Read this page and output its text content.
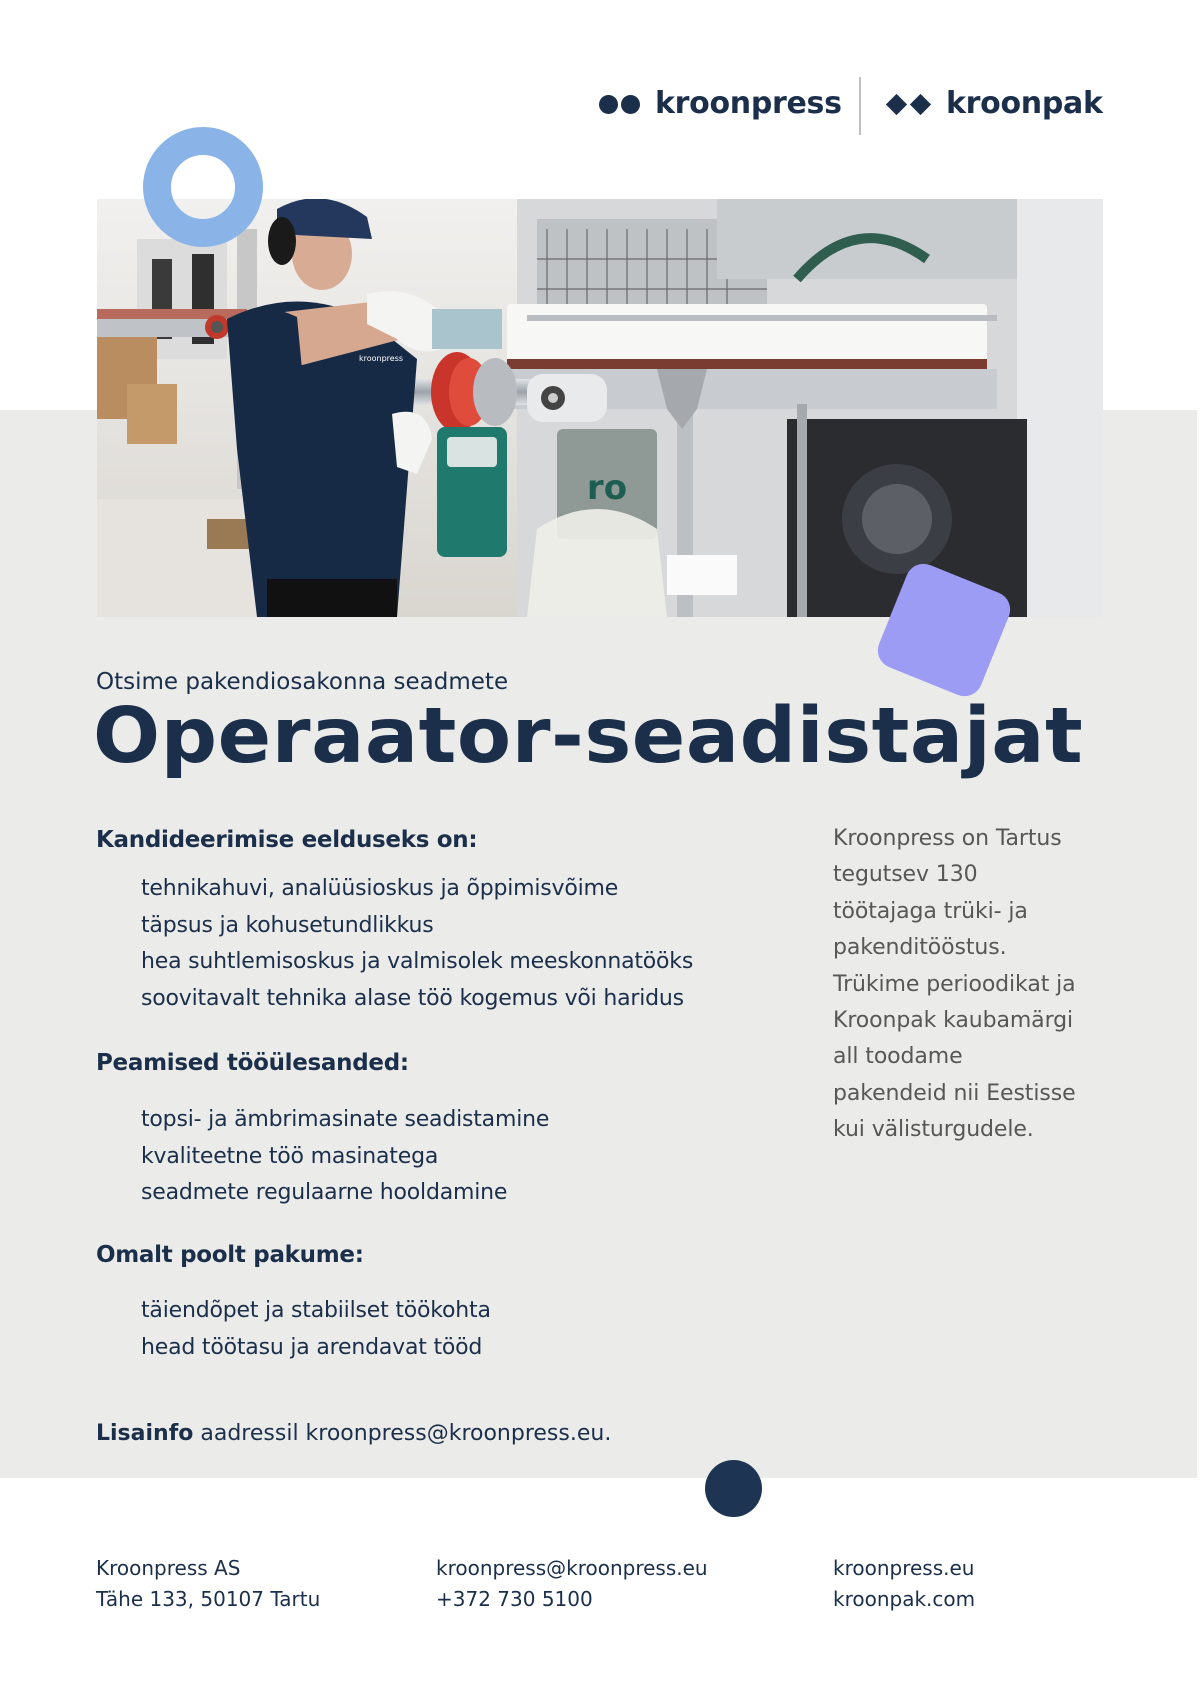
kroonpress	kroonpak
ro
kroonpress
Otsime pakendiosakonna seadmete
Operaator-seadistajat
Kandideerimise eelduseks on:
tehnikahuvi, analüüsioskus ja õppimisvõime
täpsus ja kohusetundlikkus
hea suhtlemisoskus ja valmisolek meeskonnatööks
soovitavalt tehnika alase töö kogemus või haridus
Peamised tööülesanded:
topsi- ja ämbrimasinate seadistamine
kvaliteetne töö masinatega
seadmete regulaarne hooldamine
Omalt poolt pakume:
täiendõpet ja stabiilset töökohta
head töötasu ja arendavat tööd
Kroonpress on Tartus
tegutsev 130
töötajaga trüki- ja
pakenditööstus.
Trükime perioodikat ja
Kroonpak kaubamärgi
all toodame
pakendeid nii Eestisse
kui välisturgudele.
Lisainfo aadressil kroonpress@kroonpress.eu.
Kroonpress AS
Tähe 133, 50107 Tartu
kroonpress@kroonpress.eu
+372 730 5100
kroonpress.eu
kroonpak.com
